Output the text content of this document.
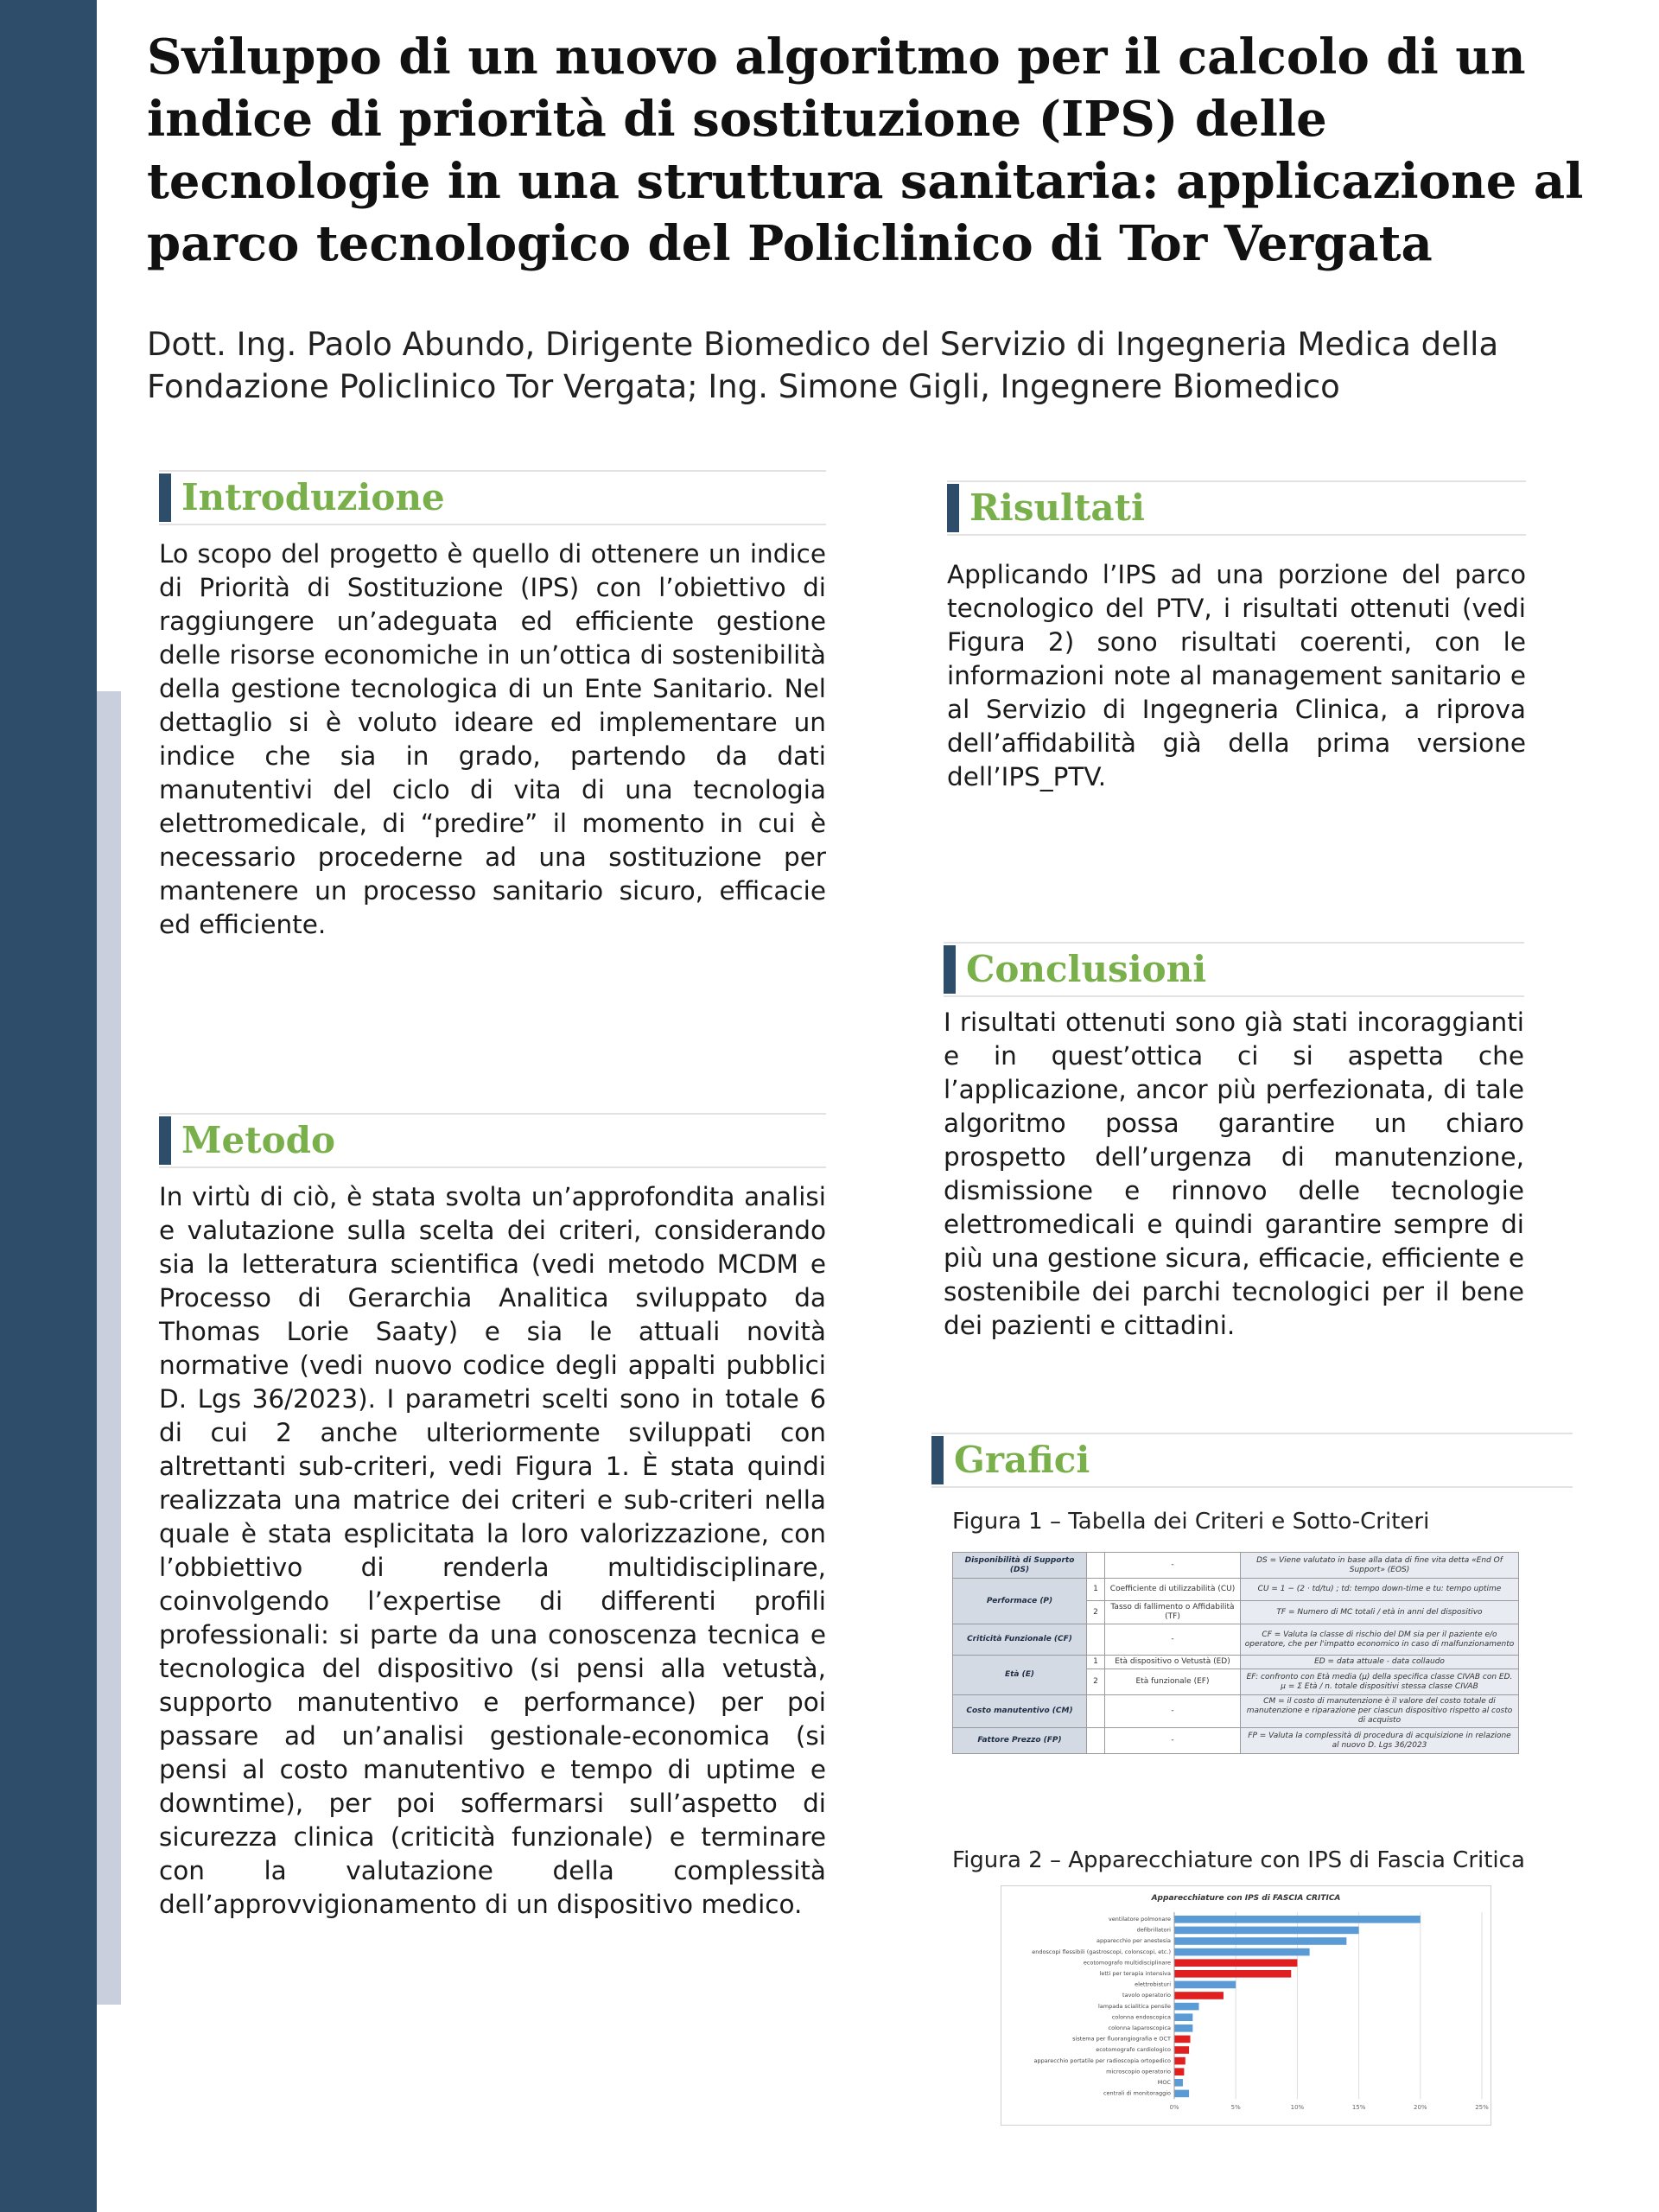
Sviluppo di un nuovo algoritmo per il calcolo di un indice di priorità di sostituzione (IPS) delle tecnologie in una struttura sanitaria: applicazione al parco tecnologico del Policlinico di Tor Vergata

Dott. Ing. Paolo Abundo, Dirigente Biomedico del Servizio di Ingegneria Medica della Fondazione Policlinico Tor Vergata; Ing. Simone Gigli, Ingegnere Biomedico

Introduzione

Lo scopo del progetto è quello di ottenere un indice di Priorità di Sostituzione (IPS) con l’obiettivo di raggiungere un’adeguata ed efficiente gestione delle risorse economiche in un’ottica di sostenibilità della gestione tecnologica di un Ente Sanitario. Nel dettaglio si è voluto ideare ed implementare un indice che sia in grado, partendo da dati manutentivi del ciclo di vita di una tecnologia elettromedicale, di “predire” il momento in cui è necessario procederne ad una sostituzione per mantenere un processo sanitario sicuro, efficacie ed efficiente.

Metodo

In virtù di ciò, è stata svolta un’approfondita analisi e valutazione sulla scelta dei criteri, considerando sia la letteratura scientifica (vedi metodo MCDM e Processo di Gerarchia Analitica sviluppato da Thomas Lorie Saaty) e sia le attuali novità normative (vedi nuovo codice degli appalti pubblici D. Lgs 36/2023). I parametri scelti sono in totale 6 di cui 2 anche ulteriormente sviluppati con altrettanti sub-criteri, vedi Figura 1. È stata quindi realizzata una matrice dei criteri e sub-criteri nella quale è stata esplicitata la loro valorizzazione, con l’obbiettivo di renderla multidisciplinare, coinvolgendo l’expertise di differenti profili professionali: si parte da una conoscenza tecnica e tecnologica del dispositivo (si pensi alla vetustà, supporto manutentivo e performance) per poi passare ad un’analisi gestionale-economica (si pensi al costo manutentivo e tempo di uptime e downtime), per poi soffermarsi sull’aspetto di sicurezza clinica (criticità funzionale) e terminare con la valutazione della complessità dell’approvvigionamento di un dispositivo medico.

Risultati

Applicando l’IPS ad una porzione del parco tecnologico del PTV, i risultati ottenuti (vedi Figura 2) sono risultati coerenti, con le informazioni note al management sanitario e al Servizio di Ingegneria Clinica, a riprova dell’affidabilità già della prima versione dell’IPS_PTV.

Conclusioni

I risultati ottenuti sono già stati incoraggianti e in quest’ottica ci si aspetta che l’applicazione, ancor più perfezionata, di tale algoritmo possa garantire un chiaro prospetto dell’urgenza di manutenzione, dismissione e rinnovo delle tecnologie elettromedicali e quindi garantire sempre di più una gestione sicura, efficacie, efficiente e sostenibile dei parchi tecnologici per il bene dei pazienti e cittadini.

Grafici
Figura 1 – Tabella dei Criteri e Sotto-Criteri
Disponibilità di Supporto (DS)		-	DS = Viene valutato in base alla data di fine vita detta «End Of Support» (EOS)
Performace (P)	1	Coefficiente di utilizzabilità (CU)	CU = 1 − (2 · td/tu) ; td: tempo down-time e tu: tempo uptime
	2	Tasso di fallimento o Affidabilità (TF)	TF = Numero di MC totali / età in anni del dispositivo
Criticità Funzionale (CF)		-	CF = Valuta la classe di rischio del DM sia per il paziente e/o operatore, che per l'impatto economico in caso di malfunzionamento
Età (E)	1	Età dispositivo o Vetustà (ED)	ED = data attuale - data collaudo
	2	Età funzionale (EF)	EF: confronto con Età media (μ) della specifica classe CIVAB con ED. μ = Σ Età / n. totale dispositivi stessa classe CIVAB
Costo manutentivo (CM)		-	CM = il costo di manutenzione è il valore del costo totale di manutenzione e riparazione per ciascun dispositivo rispetto al costo di acquisto
Fattore Prezzo (FP)		-	FP = Valuta la complessità di procedura di acquisizione in relazione al nuovo D. Lgs 36/2023
Figura 2 – Apparecchiature con IPS di Fascia Critica
Apparecchiature con IPS di FASCIA CRITICA
0%	5%	10%	15%	20%	25%
ventilatore polmonare
defibrillatori
apparecchio per anestesia
endoscopi flessibili (gastroscopi, colonscopi, etc.)
ecotomografo multidisciplinare
letti per terapia intensiva
elettrobisturi
tavolo operatorio
lampada scialitica pensile
colonna endoscopica
colonna laparoscopica
sistema per fluorangiografia e OCT
ecotomografo cardiologico
apparecchio portatile per radioscopia ortopedico
microscopio operatorio
MOC
centrali di monitoraggio
